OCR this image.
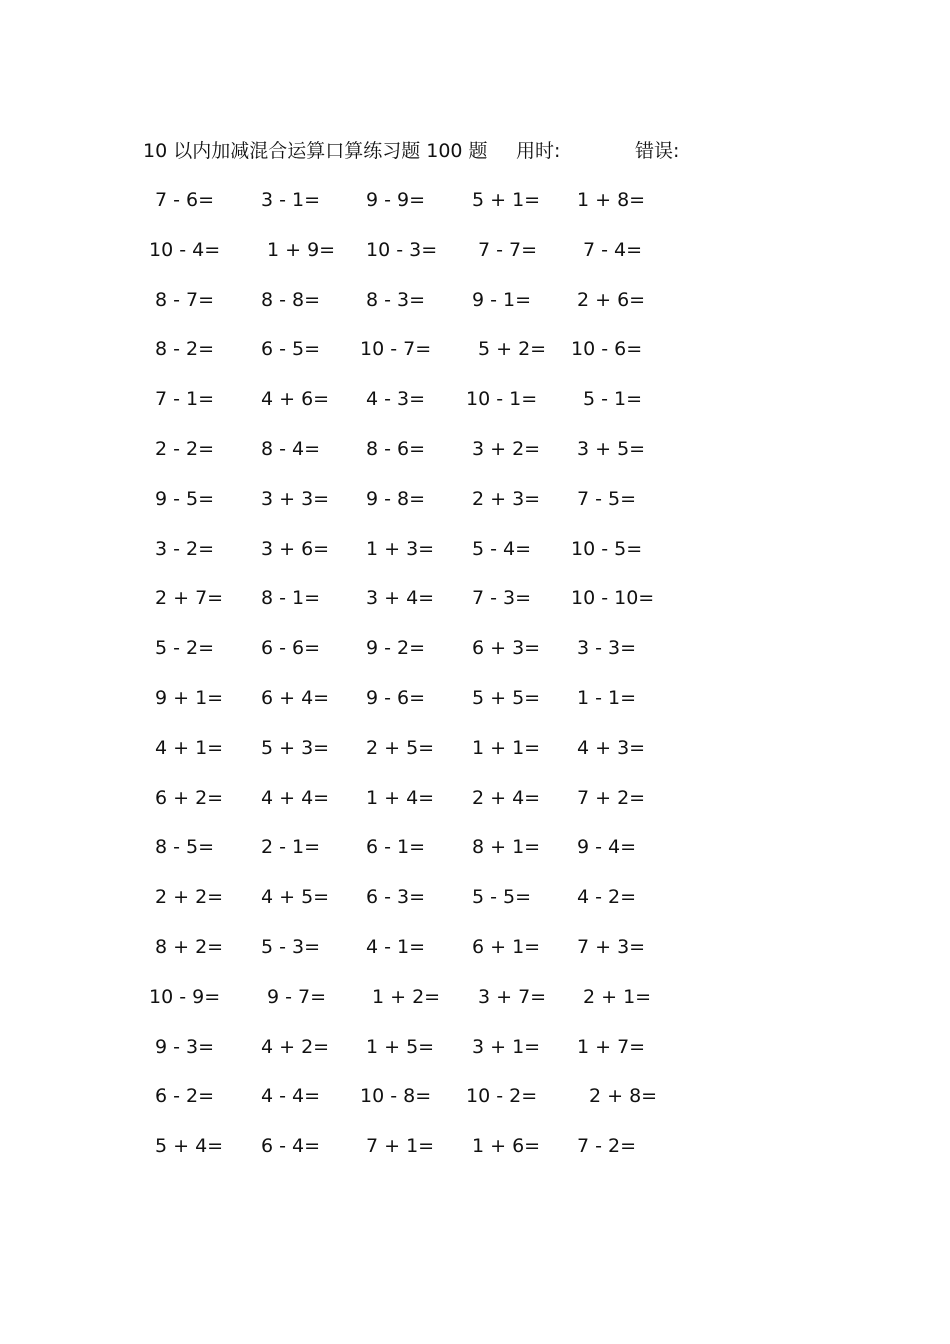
10 以内加减混合运算口算练习题 100 题 用时:	错误:
7 - 6= 3 - 1= 9 - 9= 5 + 1= 1 + 8=
10 - 4= 1 + 9= 10 - 3= 7 - 7= 7 - 4=
8 - 7= 8 - 8= 8 - 3= 9 - 1= 2 + 6=
8 - 2= 6 - 5= 10 - 7= 5 + 2= 10 - 6=
7 - 1= 4 + 6= 4 - 3= 10 - 1= 5 - 1=
2 - 2= 8 - 4= 8 - 6= 3 + 2= 3 + 5=
9 - 5= 3 + 3= 9 - 8= 2 + 3= 7 - 5=
3 - 2= 3 + 6= 1 + 3= 5 - 4= 10 - 5=
2 + 7= 8 - 1= 3 + 4= 7 - 3= 10 - 10=
5 - 2= 6 - 6= 9 - 2= 6 + 3= 3 - 3=
9 + 1= 6 + 4= 9 - 6= 5 + 5= 1 - 1=
4 + 1= 5 + 3= 2 + 5= 1 + 1= 4 + 3=
6 + 2= 4 + 4= 1 + 4= 2 + 4= 7 + 2=
8 - 5= 2 - 1= 6 - 1= 8 + 1= 9 - 4=
2 + 2= 4 + 5= 6 - 3= 5 - 5= 4 - 2=
8 + 2= 5 - 3= 4 - 1= 6 + 1= 7 + 3=
10 - 9= 9 - 7= 1 + 2= 3 + 7= 2 + 1=
9 - 3= 4 + 2= 1 + 5= 3 + 1= 1 + 7=
6 - 2= 4 - 4= 10 - 8= 10 - 2=	2 + 8=
5 + 4= 6 - 4= 7 + 1= 1 + 6= 7 - 2=
